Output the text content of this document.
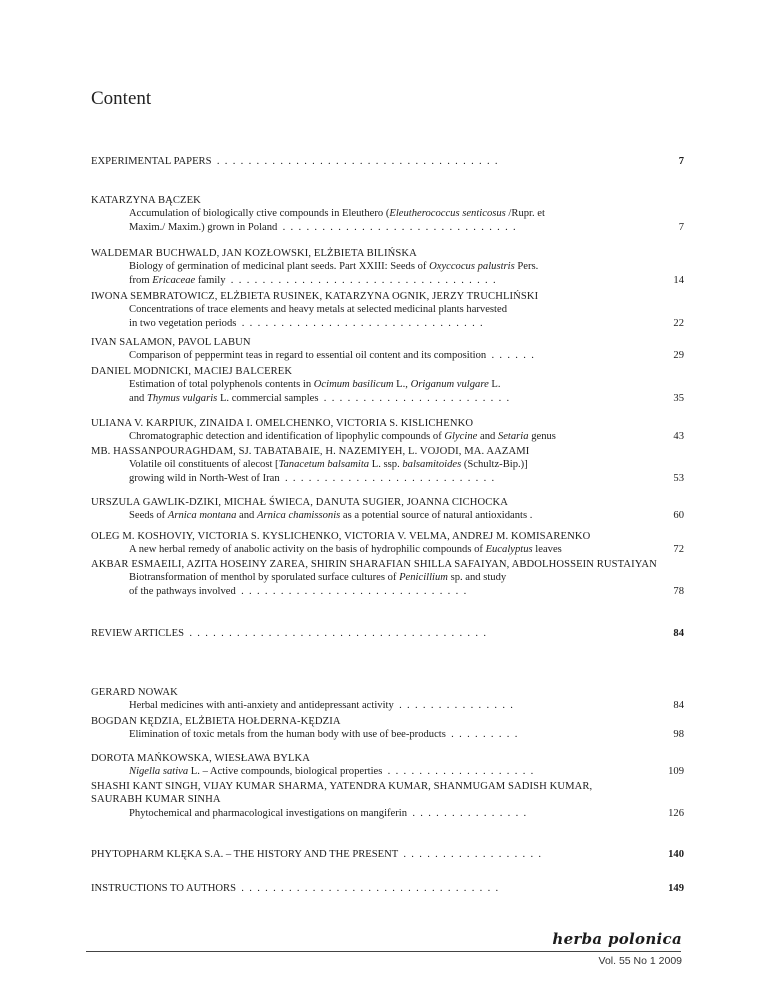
Content
EXPERIMENTAL PAPERS  .  .  .  .  .  .  .  .  .  .  .  .  .  .  .  .  .  .  .  .  .  .  .  .  .  .  .  .  .  .  .  .  .  .  .  .	7
KATARZYNA BĄCZEK
Accumulation of biologically ctive compounds in Eleuthero (Eleutherococcus senticosus /Rupr. et
Maxim./ Maxim.) grown in Poland  .  .  .  .  .  .  .  .  .  .  .  .  .  .  .  .  .  .  .  .  .  .  .  .  .  .  .  .  .  .	7
WALDEMAR BUCHWALD, JAN KOZŁOWSKI, ELŻBIETA BILIŃSKA
Biology of germination of medicinal plant seeds. Part XXIII: Seeds of Oxyccocus palustris Pers.
from Ericaceae family  .  .  .  .  .  .  .  .  .  .  .  .  .  .  .  .  .  .  .  .  .  .  .  .  .  .  .  .  .  .  .  .  .  .	14
IWONA SEMBRATOWICZ, ELŻBIETA RUSINEK, KATARZYNA OGNIK, JERZY TRUCHLIŃSKI
Concentrations of trace elements and heavy metals at selected medicinal plants harvested
in two vegetation periods  .  .  .  .  .  .  .  .  .  .  .  .  .  .  .  .  .  .  .  .  .  .  .  .  .  .  .  .  .  .  .	22
IVAN SALAMON, PAVOL LABUN
Comparison of peppermint teas in regard to essential oil content and its composition  .  .  .  .  .  .	29
DANIEL MODNICKI, MACIEJ BALCEREK
Estimation of total polyphenols contents in Ocimum basilicum L., Origanum vulgare L.
and Thymus vulgaris L. commercial samples  .  .  .  .  .  .  .  .  .  .  .  .  .  .  .  .  .  .  .  .  .  .  .  .	35
ULIANA V. KARPIUK, ZINAIDA I. OMELCHENKO, VICTORIA S. KISLICHENKO
Chromatographic detection and identification of lipophylic compounds of Glycine and Setaria genus	43
MB. HASSANPOURAGHDAM, SJ. TABATABAIE, H. NAZEMIYEH, L. VOJODI, MA. AAZAMI
Volatile oil constituents of alecost [Tanacetum balsamita L. ssp. balsamitoides (Schultz-Bip.)]
growing wild in North-West of Iran  .  .  .  .  .  .  .  .  .  .  .  .  .  .  .  .  .  .  .  .  .  .  .  .  .  .  .	53
URSZULA GAWLIK-DZIKI, MICHAŁ ŚWIECA, DANUTA SUGIER, JOANNA CICHOCKA
Seeds of Arnica montana and Arnica chamissonis as a potential source of natural antioxidants .	60
OLEG M. KOSHOVIY, VICTORIA S. KYSLICHENKO, VICTORIA V. VELMA, ANDREJ M. KOMISARENKO
A new herbal remedy of anabolic activity on the basis of hydrophilic compounds of Eucalyptus leaves	72
AKBAR ESMAEILI, AZITA HOSEINY ZAREA, SHIRIN SHARAFIAN SHILLA SAFAIYAN, ABDOLHOSSEIN RUSTAIYAN
Biotransformation of menthol by sporulated surface cultures of Penicillium sp. and study
of the pathways involved  .  .  .  .  .  .  .  .  .  .  .  .  .  .  .  .  .  .  .  .  .  .  .  .  .  .  .  .  .	78
REVIEW ARTICLES  .  .  .  .  .  .  .  .  .  .  .  .  .  .  .  .  .  .  .  .  .  .  .  .  .  .  .  .  .  .  .  .  .  .  .  .  .  .	84
GERARD NOWAK
Herbal medicines with anti-anxiety and antidepressant activity  .  .  .  .  .  .  .  .  .  .  .  .  .  .  .	84
BOGDAN KĘDZIA, ELŻBIETA HOŁDERNA-KĘDZIA
Elimination of toxic metals from the human body with use of bee-products  .  .  .  .  .  .  .  .  .	98
DOROTA MAŃKOWSKA, WIESŁAWA BYLKA
Nigella sativa L. – Active compounds, biological properties  .  .  .  .  .  .  .  .  .  .  .  .  .  .  .  .  .  .  .	109
SHASHI KANT SINGH, VIJAY KUMAR SHARMA, YATENDRA KUMAR, SHANMUGAM SADISH KUMAR,
SAURABH KUMAR SINHA
Phytochemical and pharmacological investigations on mangiferin  .  .  .  .  .  .  .  .  .  .  .  .  .  .  .	126
PHYTOPHARM KLĘKA S.A. – THE HISTORY AND THE PRESENT  .  .  .  .  .  .  .  .  .  .  .  .  .  .  .  .  .  .	140
INSTRUCTIONS TO AUTHORS  .  .  .  .  .  .  .  .  .  .  .  .  .  .  .  .  .  .  .  .  .  .  .  .  .  .  .  .  .  .  .  .  .	149
herba polonica
Vol. 55 No 1 2009
